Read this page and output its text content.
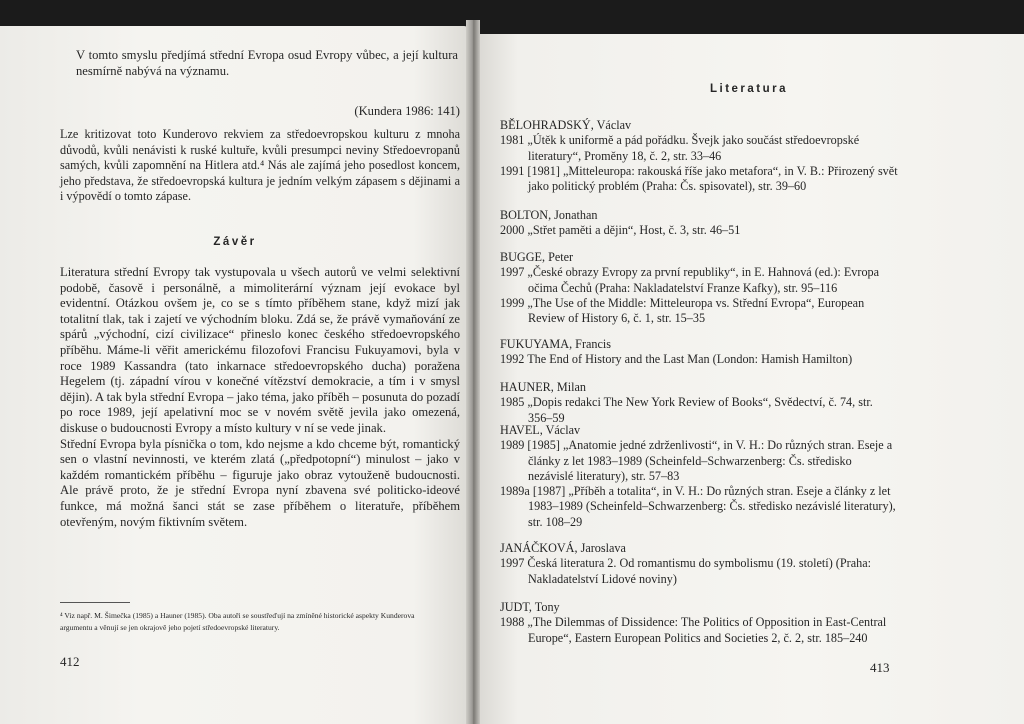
V tomto smyslu předjímá střední Evropa osud Evropy vůbec, a její kultura nesmírně nabývá na významu.

(Kundera 1986: 141)

Lze kritizovat toto Kunderovo rekviem za středoevropskou kulturu z mnoha důvodů, kvůli nenávisti k ruské kultuře, kvůli presumpci neviny Středoevropanů samých, kvůli zapomnění na Hitlera atd.⁴ Nás ale zajímá jeho posedlost koncem, jeho představa, že středoevropská kultura je jedním velkým zápasem s dějinami a i výpovědí o tomto zápase.

Závěr

Literatura střední Evropy tak vystupovala u všech autorů ve velmi selektivní podobě, časově i personálně, a mimoliterární význam její evokace byl evidentní. Otázkou ovšem je, co se s tímto příběhem stane, když mizí jak totalitní tlak, tak i zajetí ve východním bloku. Zdá se, že právě vymaňování ze spárů „východní, cizí civilizace“ přineslo konec českého středoevropského příběhu. Máme-li věřit americkému filozofovi Francisu Fukuyamovi, byla v roce 1989 Kassandra (tato inkarnace středoevropského ducha) poražena Hegelem (tj. západní vírou v konečné vítězství demokracie, a tím i v smysl dějin). A tak byla střední Evropa – jako téma, jako příběh – posunuta do pozadí po roce 1989, její apelativní moc se v novém světě jevila jako omezená, diskuse o budoucnosti Evropy a místo kultury v ní se vede jinak.
Střední Evropa byla písnička o tom, kdo nejsme a kdo chceme být, romantický sen o vlastní nevinnosti, ve kterém zlatá („předpotopní“) minulost – jako v každém romantickém příběhu – figuruje jako obraz vytouženě budoucnosti. Ale právě proto, že je střední Evropa nyní zbavena své politicko-ideové funkce, má možná šanci stát se zase příběhem o literatuře, příběhem otevřeným, novým fiktivním světem.

⁴ Viz např. M. Šimečka (1985) a Hauner (1985). Oba autoři se soustřeďují na zmíněné historické aspekty Kunderova argumentu a věnují se jen okrajově jeho pojetí středoevropské literatury.
412
Literatura

BĚLOHRADSKÝ, Václav

1981 „Útěk k uniformě a pád pořádku. Švejk jako součást středoevropské literatury“, Proměny 18, č. 2, str. 33–46

1991 [1981] „Mitteleuropa: rakouská říše jako metafora“, in V. B.: Přirozený svět jako politický problém (Praha: Čs. spisovatel), str. 39–60

BOLTON, Jonathan

2000 „Střet paměti a dějin“, Host, č. 3, str. 46–51

BUGGE, Peter

1997 „České obrazy Evropy za první republiky“, in E. Hahnová (ed.): Evropa očima Čechů (Praha: Nakladatelství Franze Kafky), str. 95–116

1999 „The Use of the Middle: Mitteleuropa vs. Střední Evropa“, European Review of History 6, č. 1, str. 15–35

FUKUYAMA, Francis

1992 The End of History and the Last Man (London: Hamish Hamilton)

HAUNER, Milan

1985 „Dopis redakci The New York Review of Books“, Svědectví, č. 74, str. 356–59

HAVEL, Václav

1989 [1985] „Anatomie jedné zdrženlivosti“, in V. H.: Do různých stran. Eseje a články z let 1983–1989 (Scheinfeld–Schwarzenberg: Čs. středisko nezávislé literatury), str. 57–83

1989a [1987] „Příběh a totalita“, in V. H.: Do různých stran. Eseje a články z let 1983–1989 (Scheinfeld–Schwarzenberg: Čs. středisko nezávislé literatury), str. 108–29

JANÁČKOVÁ, Jaroslava

1997 Česká literatura 2. Od romantismu do symbolismu (19. století) (Praha: Nakladatelství Lidové noviny)

JUDT, Tony

1988 „The Dilemmas of Dissidence: The Politics of Opposition in East-Central Europe“, Eastern European Politics and Societies 2, č. 2, str. 185–240

413
